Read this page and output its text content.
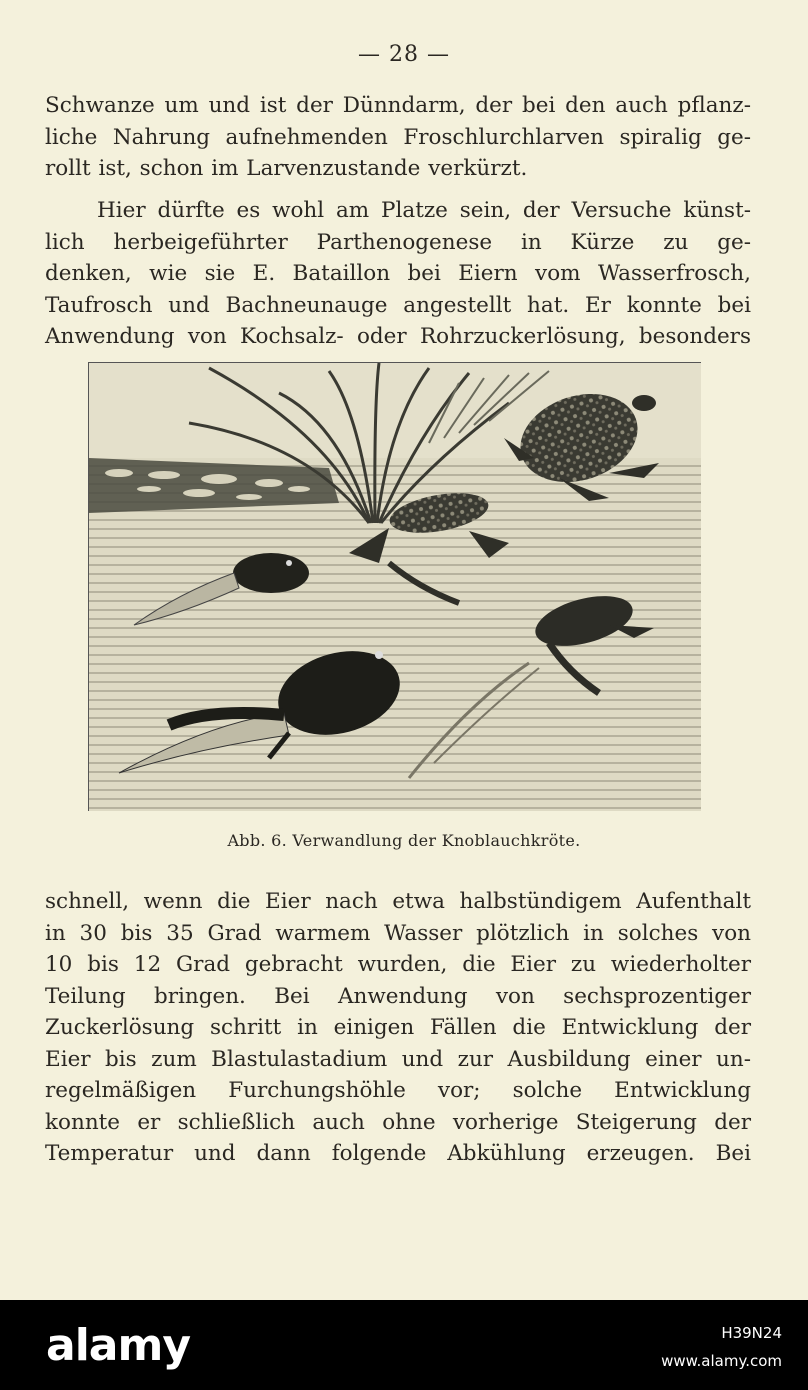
— 28 —
Schwanze um und ist der Dünndarm, der bei den auch pflanz-
liche Nahrung aufnehmenden Froschlurchlarven spiralig ge-
rollt ist, schon im Larvenzustande verkürzt.
Hier dürfte es wohl am Platze sein, der Versuche künst-
lich herbeigeführter Parthenogenese in Kürze zu ge-
denken, wie sie E. Bataillon bei Eiern vom Wasserfrosch,
Taufrosch und Bachneunauge angestellt hat. Er konnte bei
Anwendung von Kochsalz- oder Rohrzuckerlösung, besonders
Abb. 6. Verwandlung der Knoblauchkröte.
schnell, wenn die Eier nach etwa halbstündigem Aufenthalt
in 30 bis 35 Grad warmem Wasser plötzlich in solches von
10 bis 12 Grad gebracht wurden, die Eier zu wiederholter
Teilung bringen. Bei Anwendung von sechsprozentiger
Zuckerlösung schritt in einigen Fällen die Entwicklung der
Eier bis zum Blastulastadium und zur Ausbildung einer un-
regelmäßigen Furchungshöhle vor; solche Entwicklung
konnte er schließlich auch ohne vorherige Steigerung der
Temperatur und dann folgende Abkühlung erzeugen. Bei
alamy	H39N24
www.alamy.com
